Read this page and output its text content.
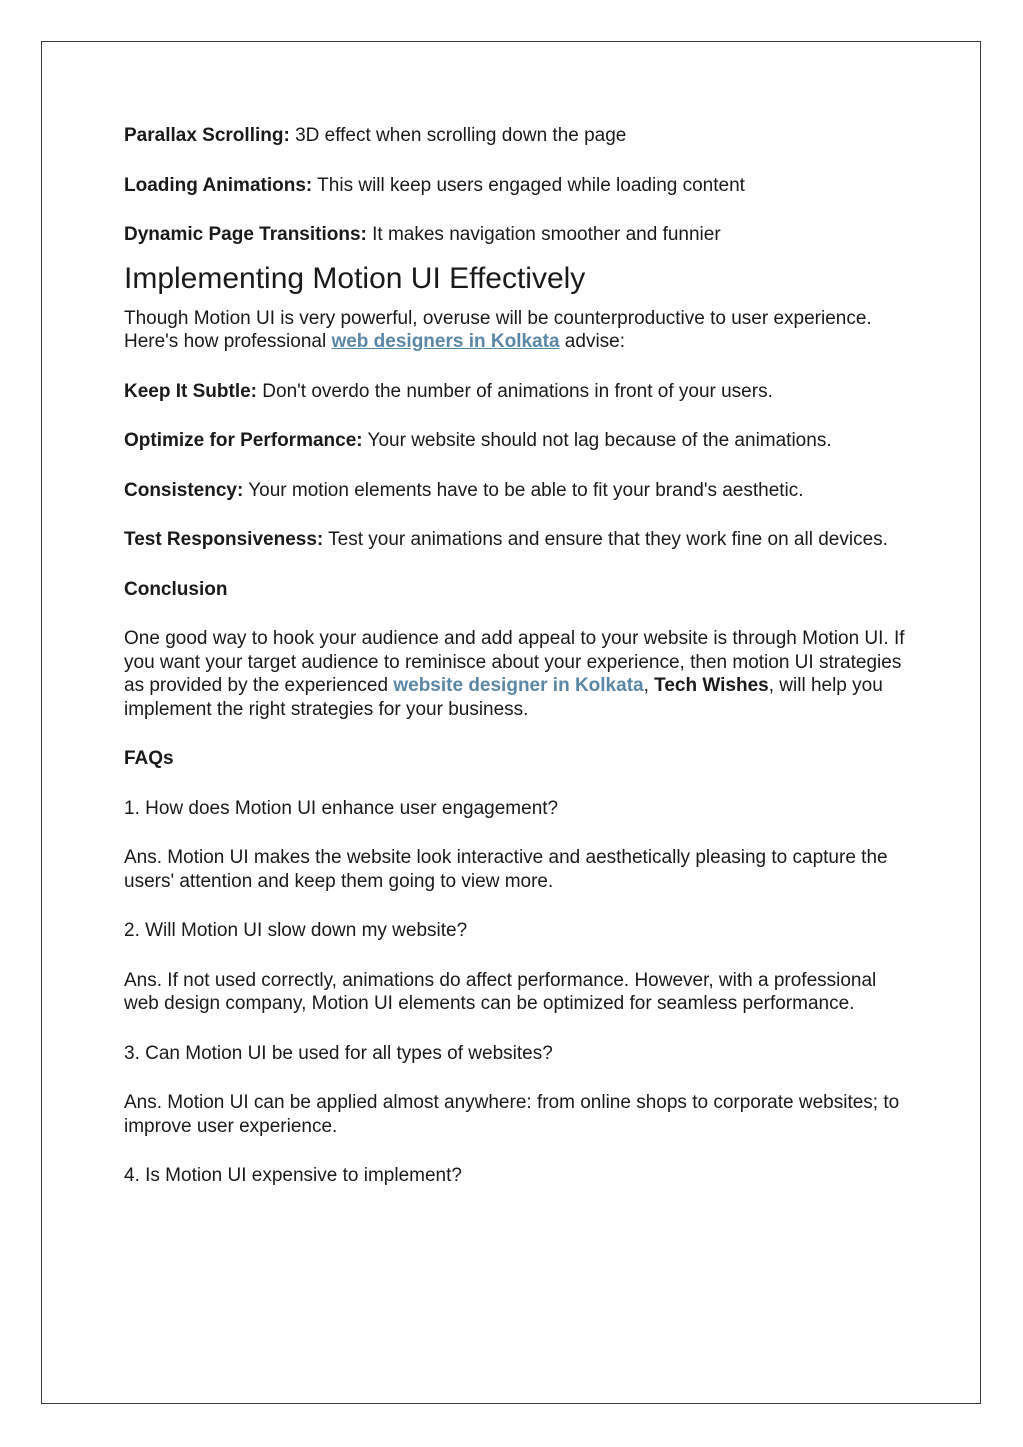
Parallax Scrolling: 3D effect when scrolling down the page

Loading Animations: This will keep users engaged while loading content

Dynamic Page Transitions: It makes navigation smoother and funnier

Implementing Motion UI Effectively

Though Motion UI is very powerful, overuse will be counterproductive to user experience. Here's how professional web designers in Kolkata advise:

Keep It Subtle: Don't overdo the number of animations in front of your users.

Optimize for Performance: Your website should not lag because of the animations.

Consistency: Your motion elements have to be able to fit your brand's aesthetic.

Test Responsiveness: Test your animations and ensure that they work fine on all devices.

Conclusion

One good way to hook your audience and add appeal to your website is through Motion UI. If you want your target audience to reminisce about your experience, then motion UI strategies as provided by the experienced website designer in Kolkata, Tech Wishes, will help you implement the right strategies for your business.

FAQs

1. How does Motion UI enhance user engagement?

Ans. Motion UI makes the website look interactive and aesthetically pleasing to capture the users' attention and keep them going to view more.

2. Will Motion UI slow down my website?

Ans. If not used correctly, animations do affect performance. However, with a professional web design company, Motion UI elements can be optimized for seamless performance.

3. Can Motion UI be used for all types of websites?

Ans. Motion UI can be applied almost anywhere: from online shops to corporate websites; to improve user experience.

4. Is Motion UI expensive to implement?
